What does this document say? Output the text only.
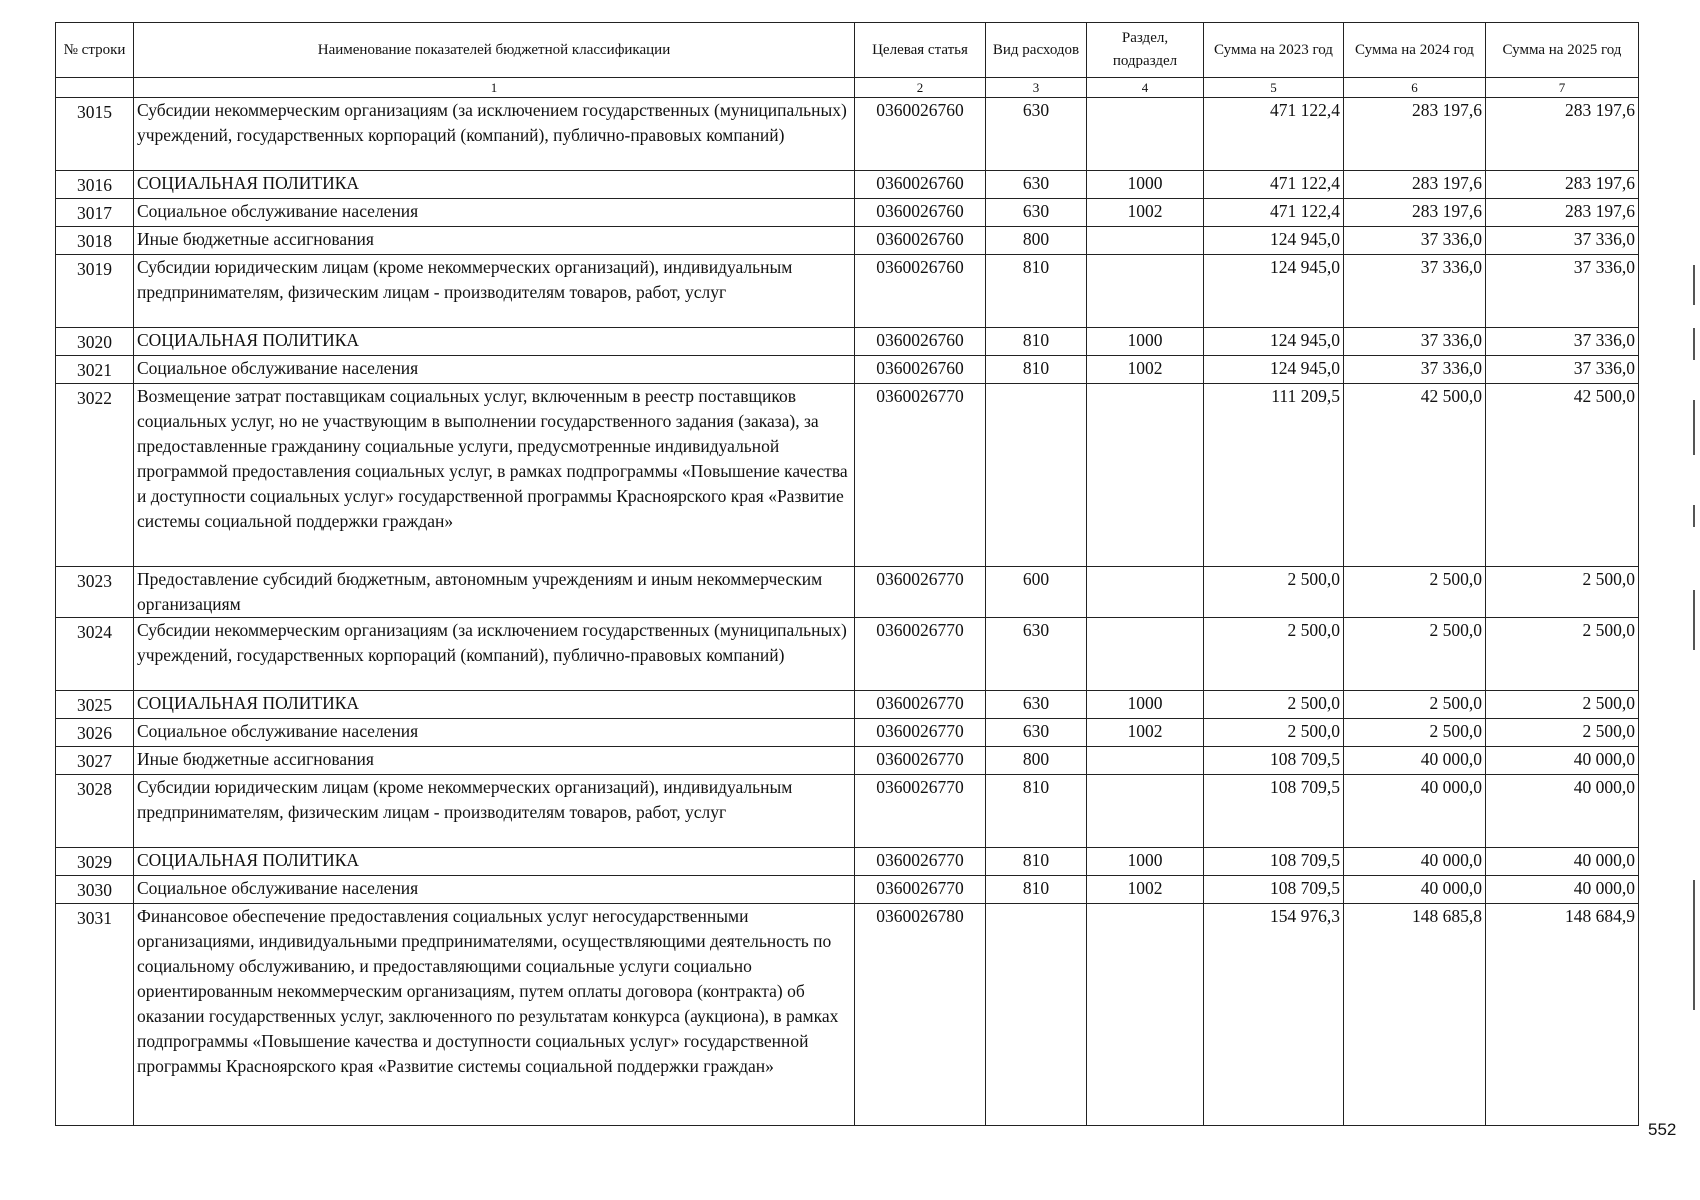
№ строки	Наименование показателей бюджетной классификации	Целевая статья	Вид расходов	Раздел, подраздел	Сумма на 2023 год	Сумма на 2024 год	Сумма на 2025 год
	1	2	3	4	5	6	7
3015	Субсидии некоммерческим организациям (за исключением государственных (муниципальных) учреждений, государственных корпораций (компаний), публично-правовых компаний)	0360026760	630		471 122,4	283 197,6	283 197,6
3016	СОЦИАЛЬНАЯ ПОЛИТИКА	0360026760	630	1000	471 122,4	283 197,6	283 197,6
3017	Социальное обслуживание населения	0360026760	630	1002	471 122,4	283 197,6	283 197,6
3018	Иные бюджетные ассигнования	0360026760	800		124 945,0	37 336,0	37 336,0
3019	Субсидии юридическим лицам (кроме некоммерческих организаций), индивидуальным предпринимателям, физическим лицам - производителям товаров, работ, услуг	0360026760	810		124 945,0	37 336,0	37 336,0
3020	СОЦИАЛЬНАЯ ПОЛИТИКА	0360026760	810	1000	124 945,0	37 336,0	37 336,0
3021	Социальное обслуживание населения	0360026760	810	1002	124 945,0	37 336,0	37 336,0
3022	Возмещение затрат поставщикам социальных услуг, включенным в реестр поставщиков социальных услуг, но не участвующим в выполнении государственного задания (заказа), за предоставленные гражданину социальные услуги, предусмотренные индивидуальной программой предоставления социальных услуг, в рамках подпрограммы «Повышение качества и доступности социальных услуг» государственной программы Красноярского края «Развитие системы социальной поддержки граждан»	0360026770			111 209,5	42 500,0	42 500,0
3023	Предоставление субсидий бюджетным, автономным учреждениям и иным некоммерческим организациям	0360026770	600		2 500,0	2 500,0	2 500,0
3024	Субсидии некоммерческим организациям (за исключением государственных (муниципальных) учреждений, государственных корпораций (компаний), публично-правовых компаний)	0360026770	630		2 500,0	2 500,0	2 500,0
3025	СОЦИАЛЬНАЯ ПОЛИТИКА	0360026770	630	1000	2 500,0	2 500,0	2 500,0
3026	Социальное обслуживание населения	0360026770	630	1002	2 500,0	2 500,0	2 500,0
3027	Иные бюджетные ассигнования	0360026770	800		108 709,5	40 000,0	40 000,0
3028	Субсидии юридическим лицам (кроме некоммерческих организаций), индивидуальным предпринимателям, физическим лицам - производителям товаров, работ, услуг	0360026770	810		108 709,5	40 000,0	40 000,0
3029	СОЦИАЛЬНАЯ ПОЛИТИКА	0360026770	810	1000	108 709,5	40 000,0	40 000,0
3030	Социальное обслуживание населения	0360026770	810	1002	108 709,5	40 000,0	40 000,0
3031	Финансовое обеспечение предоставления социальных услуг негосударственными организациями, индивидуальными предпринимателями, осуществляющими деятельность по социальному обслуживанию, и предоставляющими социальные услуги социально ориентированным некоммерческим организациям, путем оплаты договора (контракта) об оказании государственных услуг, заключенного по результатам конкурса (аукциона), в рамках подпрограммы «Повышение качества и доступности социальных услуг» государственной программы Красноярского края «Развитие системы социальной поддержки граждан»	0360026780			154 976,3	148 685,8	148 684,9
552
